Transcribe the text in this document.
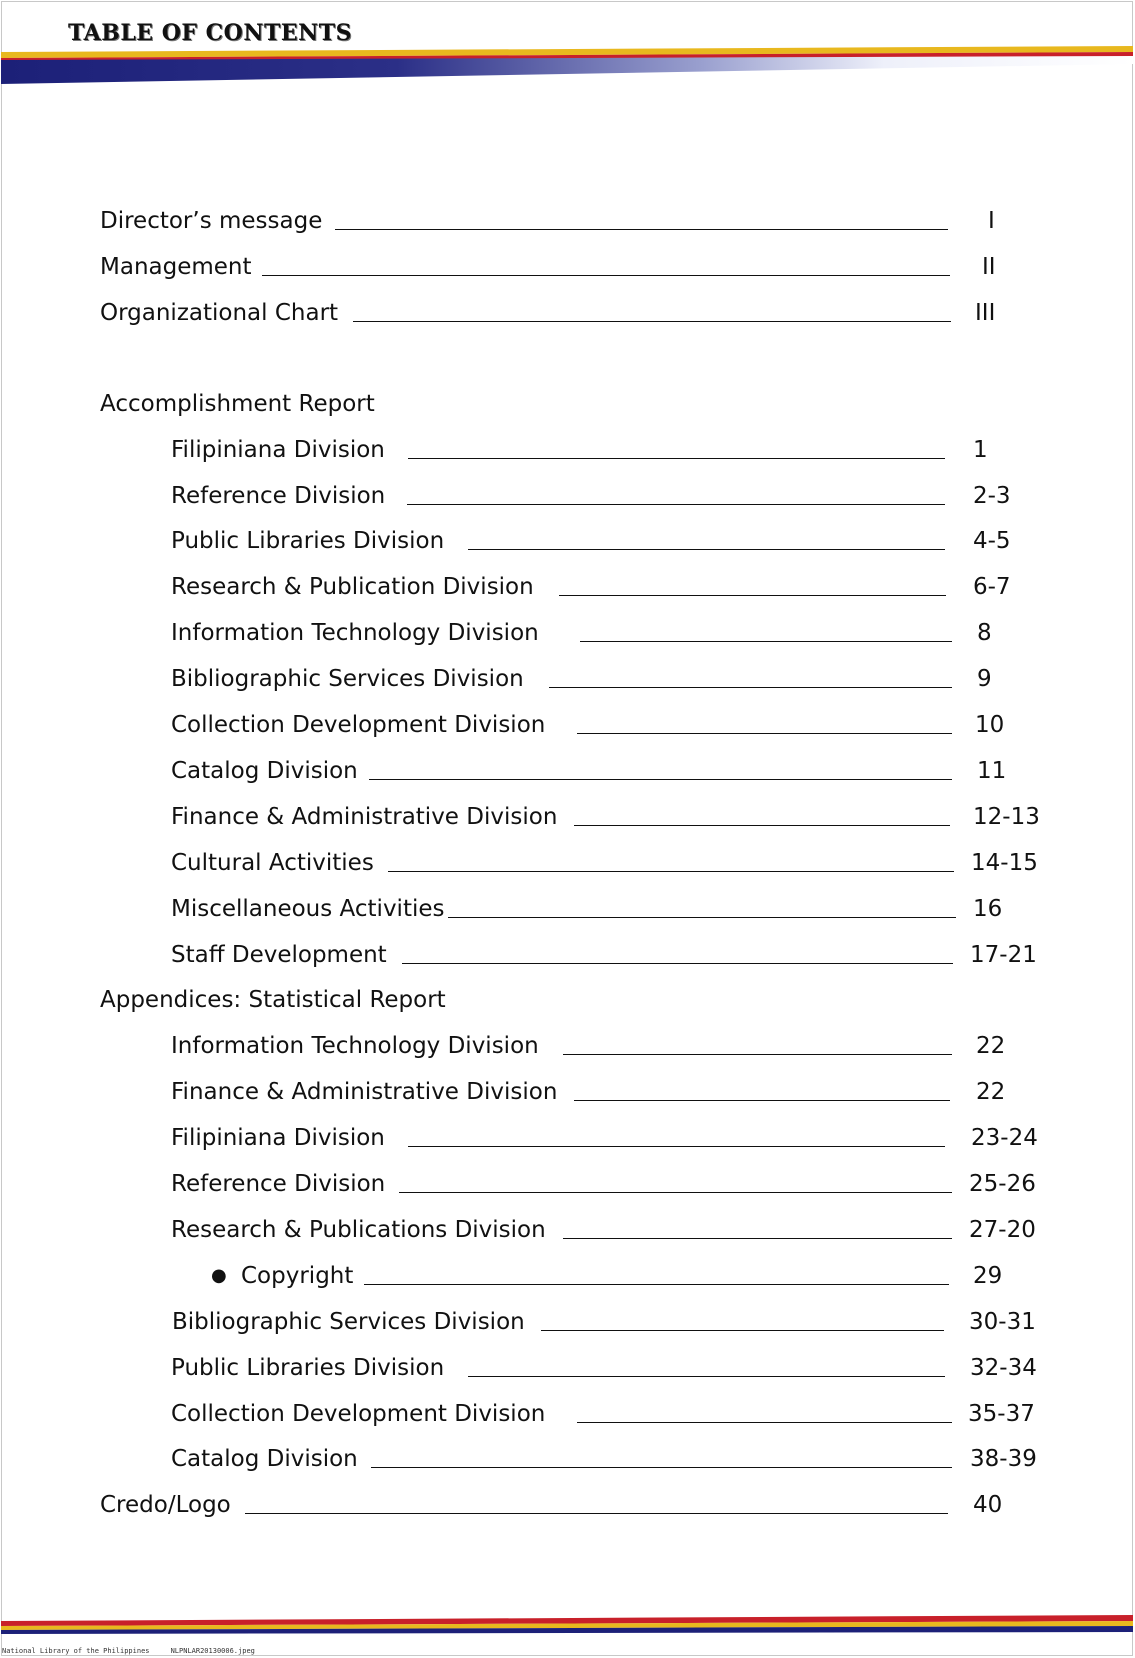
TABLE OF CONTENTS
Director’s message	I
Management	II
Organizational Chart	III
Accomplishment Report
Filipiniana Division	1
Reference Division	2-3
Public Libraries Division	4-5
Research & Publication Division	6-7
Information Technology Division	8
Bibliographic Services Division	9
Collection Development Division	10
Catalog Division	11
Finance & Administrative Division	12-13
Cultural Activities	14-15
Miscellaneous Activities	16
Staff Development	17-21
Appendices: Statistical Report
Information Technology Division	22
Finance & Administrative Division	22
Filipiniana Division	23-24
Reference Division	25-26
Research & Publications Division	27-20
● Copyright	29
Bibliographic Services Division	30-31
Public Libraries Division	32-34
Collection Development Division	35-37
Catalog Division	38-39
Credo/Logo	40
National Library of the Philippines	NLPNLAR20130006.jpeg
